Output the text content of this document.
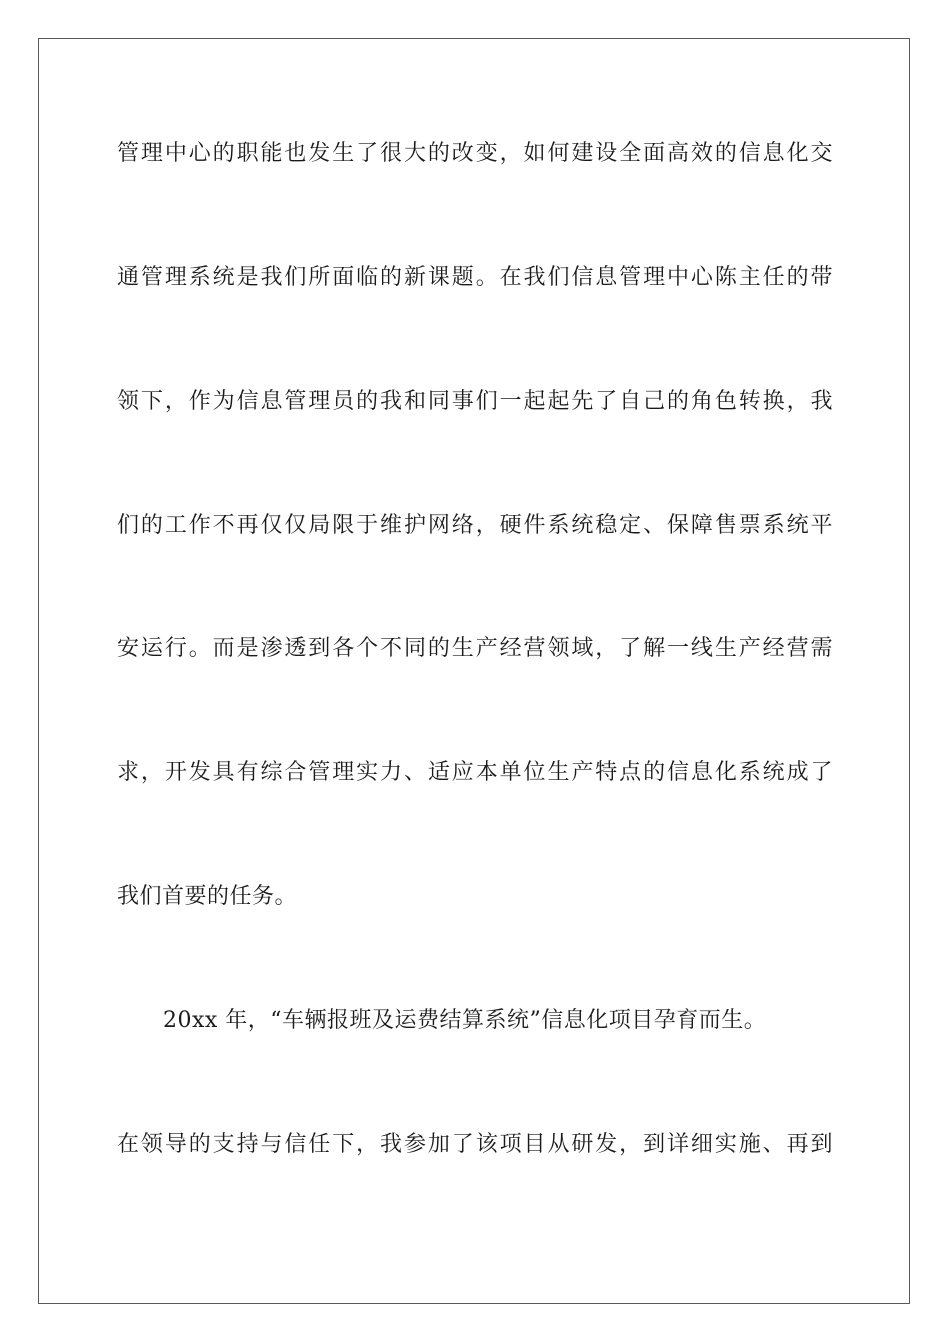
管理中心的职能也发生了很大的改变，如何建设全面高效的信息化交
通管理系统是我们所面临的新课题。在我们信息管理中心陈主任的带
领下，作为信息管理员的我和同事们一起起先了自己的角色转换，我
们的工作不再仅仅局限于维护网络，硬件系统稳定、保障售票系统平
安运行。而是渗透到各个不同的生产经营领域，了解一线生产经营需
求，开发具有综合管理实力、适应本单位生产特点的信息化系统成了
我们首要的任务。
20xx 年，“车辆报班及运费结算系统”信息化项目孕育而生。
在领导的支持与信任下，我参加了该项目从研发，到详细实施、再到
